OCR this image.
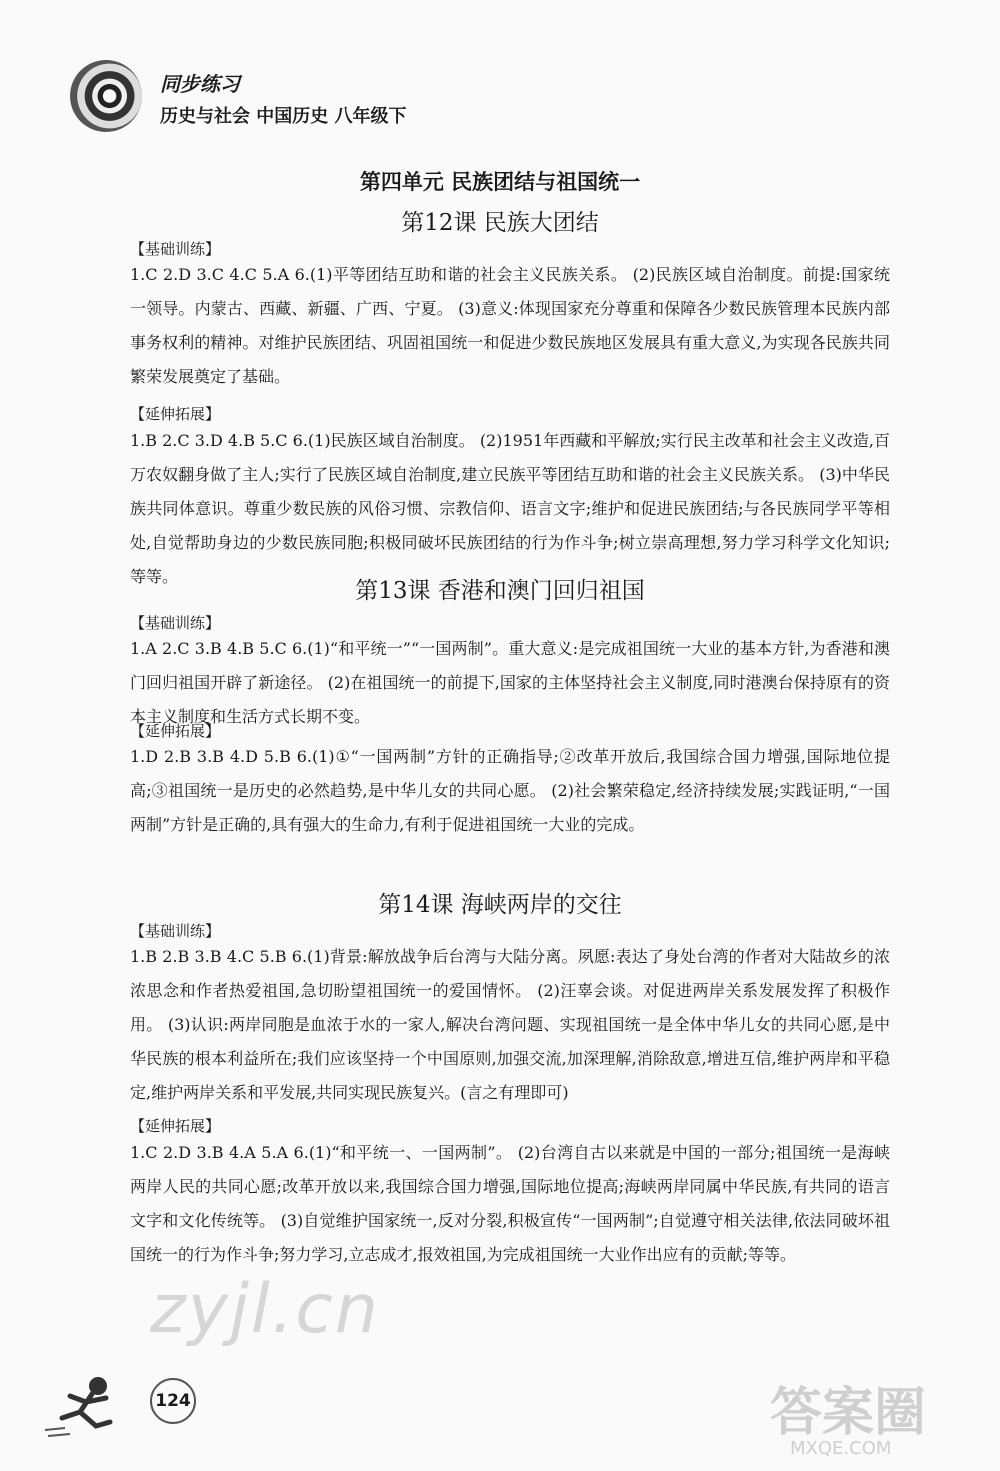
同步练习
历史与社会 中国历史 八年级下
第四单元 民族团结与祖国统一
第12课 民族大团结
【基础训练】
1.C 2.D 3.C 4.C 5.A 6.(1)平等团结互助和谐的社会主义民族关系。 (2)民族区域自治制度。前提:国家统一领导。内蒙古、西藏、新疆、广西、宁夏。 (3)意义:体现国家充分尊重和保障各少数民族管理本民族内部事务权利的精神。对维护民族团结、巩固祖国统一和促进少数民族地区发展具有重大意义,为实现各民族共同繁荣发展奠定了基础。
【延伸拓展】
1.B 2.C 3.D 4.B 5.C 6.(1)民族区域自治制度。 (2)1951年西藏和平解放;实行民主改革和社会主义改造,百万农奴翻身做了主人;实行了民族区域自治制度,建立民族平等团结互助和谐的社会主义民族关系。 (3)中华民族共同体意识。尊重少数民族的风俗习惯、宗教信仰、语言文字;维护和促进民族团结;与各民族同学平等相处,自觉帮助身边的少数民族同胞;积极同破坏民族团结的行为作斗争;树立崇高理想,努力学习科学文化知识;等等。
第13课 香港和澳门回归祖国
【基础训练】
1.A 2.C 3.B 4.B 5.C 6.(1)“和平统一”“一国两制”。重大意义:是完成祖国统一大业的基本方针,为香港和澳门回归祖国开辟了新途径。 (2)在祖国统一的前提下,国家的主体坚持社会主义制度,同时港澳台保持原有的资本主义制度和生活方式长期不变。
【延伸拓展】
1.D 2.B 3.B 4.D 5.B 6.(1)①“一国两制”方针的正确指导;②改革开放后,我国综合国力增强,国际地位提高;③祖国统一是历史的必然趋势,是中华儿女的共同心愿。 (2)社会繁荣稳定,经济持续发展;实践证明,“一国两制”方针是正确的,具有强大的生命力,有利于促进祖国统一大业的完成。
第14课 海峡两岸的交往
【基础训练】
1.B 2.B 3.B 4.C 5.B 6.(1)背景:解放战争后台湾与大陆分离。夙愿:表达了身处台湾的作者对大陆故乡的浓浓思念和作者热爱祖国,急切盼望祖国统一的爱国情怀。 (2)汪辜会谈。对促进两岸关系发展发挥了积极作用。 (3)认识:两岸同胞是血浓于水的一家人,解决台湾问题、实现祖国统一是全体中华儿女的共同心愿,是中华民族的根本利益所在;我们应该坚持一个中国原则,加强交流,加深理解,消除敌意,增进互信,维护两岸和平稳定,维护两岸关系和平发展,共同实现民族复兴。(言之有理即可)
【延伸拓展】
1.C 2.D 3.B 4.A 5.A 6.(1)“和平统一、一国两制”。 (2)台湾自古以来就是中国的一部分;祖国统一是海峡两岸人民的共同心愿;改革开放以来,我国综合国力增强,国际地位提高;海峡两岸同属中华民族,有共同的语言文字和文化传统等。 (3)自觉维护国家统一,反对分裂,积极宣传“一国两制”;自觉遵守相关法律,依法同破坏祖国统一的行为作斗争;努力学习,立志成才,报效祖国,为完成祖国统一大业作出应有的贡献;等等。
zyjl.cn
124	答案圈
MXQE.COM
